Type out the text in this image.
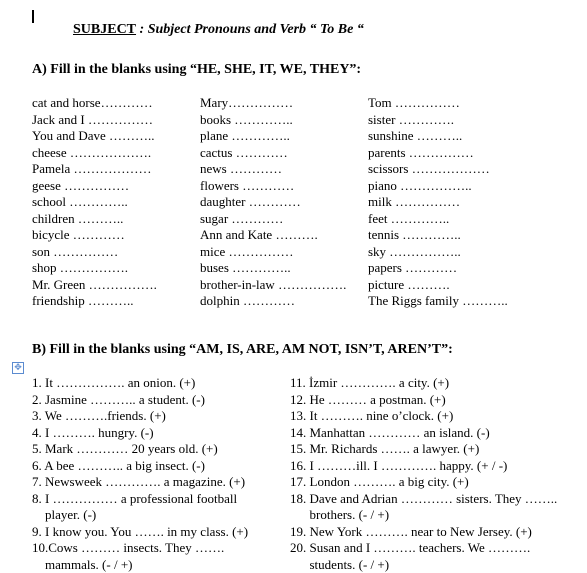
SUBJECT : Subject Pronouns and Verb “ To Be “
A) Fill in the blanks using “HE, SHE, IT, WE, THEY”:
cat and horse…………
Jack and I ……………
You and Dave ………..
cheese ……………….
Pamela ………………
geese ……………
school …………..
children ………..
bicycle …………
son ……………
shop …………….
Mr. Green …………….
friendship ………..
Mary……………
books …………..
plane …………..
cactus …………
news …………
flowers …………
daughter …………
sugar …………
Ann and Kate ……….
mice ……………
buses …………..
brother-in-law …………….
dolphin …………
Tom ……………
sister ………….
sunshine ………..
parents ……………
scissors ………………
piano ……………..
milk ……………
feet …………..
tennis …………..
sky ……………..
papers …………
picture ……….
The Riggs family ………..
B) Fill in the blanks using “AM, IS, ARE, AM NOT, ISN’T, AREN’T”:
✥
1. It ……………. an onion. (+)
2. Jasmine ……….. a student. (-)
3. We ……….friends. (+)
4. I ………. hungry. (-)
5. Mark ………… 20 years old. (+)
6. A bee ……….. a big insect. (-)
7. Newsweek …………. a magazine. (+)
8. I …………… a professional football
player. (-)
9. I know you. You ……. in my class. (+)
10.Cows ……… insects. They …….
mammals. (- / +)
11. İzmir …………. a city. (+)
12. He ……… a postman. (+)
13. It ………. nine o’clock. (+)
14. Manhattan ………… an island. (-)
15. Mr. Richards ……. a lawyer. (+)
16. I ………ill. I …………. happy. (+ / -)
17. London ………. a big city. (+)
18. Dave and Adrian ………… sisters. They ……..
brothers. (- / +)
19. New York ………. near to New Jersey. (+)
20. Susan and I ………. teachers. We ……….
students. (- / +)
